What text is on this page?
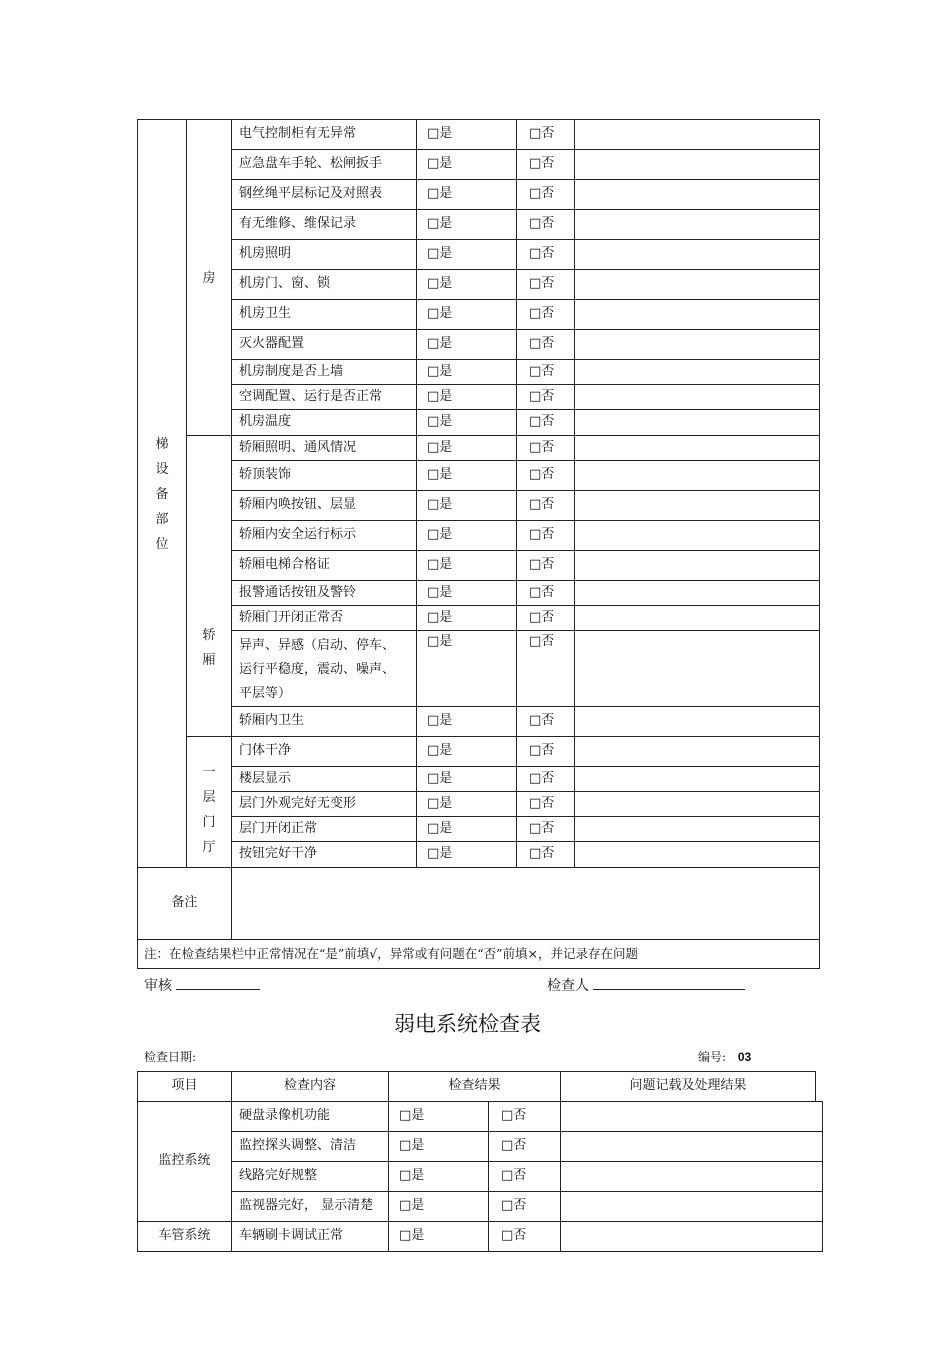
梯
设
备
部
位	房	电气控制柜有无异常	□是	□否	
		应急盘车手轮、松闸扳手	□是	□否	
		钢丝绳平层标记及对照表	□是	□否	
		有无维修、维保记录	□是	□否	
		机房照明	□是	□否	
		机房门、窗、锁	□是	□否	
		机房卫生	□是	□否	
		灭火器配置	□是	□否	
		机房制度是否上墙	□是	□否	
		空调配置、运行是否正常	□是	□否	
		机房温度	□是	□否	

	轿
厢	轿厢照明、通风情况	□是	□否	
		轿顶装饰	□是	□否	
		轿厢内唤按钮、层显	□是	□否	
		轿厢内安全运行标示	□是	□否	
		轿厢电梯合格证	□是	□否	
		报警通话按钮及警铃	□是	□否	
		轿厢门开闭正常否	□是	□否	

		异声、异感（启动、停车、
运行平稳度，震动、噪声、
平层等）	□是	□否	
		轿厢内卫生	□是	□否	

	一
层
门
厅	门体干净	□是	□否	
		楼层显示	□是	□否	
		层门外观完好无变形	□是	□否	
		层门开闭正常	□是	□否	
		按钮完好干净	□是	□否	
备注					
注：在检查结果栏中正常情况在“是”前填√，异常或有问题在“否”前填×，并记录存在问题					
审核	检查人
弱电系统检查表
检查日期:	编号: 03
项目	检查内容	检查结果	问题记载及处理结果
监控系统	硬盘录像机功能	□是	□否	
	监控探头调整、清洁	□是	□否	
	线路完好规整	□是	□否	
	监视器完好， 显示清楚	□是	□否	
车管系统	车辆刷卡调试正常	□是	□否	
